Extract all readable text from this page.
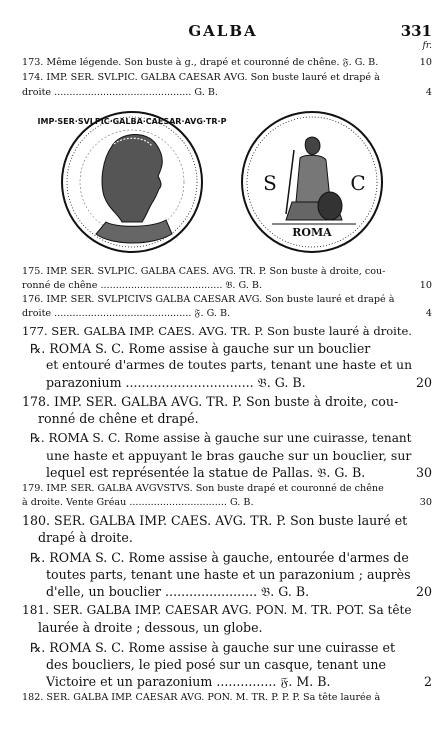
GALBA	331
fr.
173. Même légende. Son buste à g., drapé et couronné de chêne. 𝔉. G. B.	10
174. IMP. SER. SVLPIC. GALBA CAESAR AVG. Son buste lauré et drapé à
droite ............................................. G. B.	4
IMP·SER·SVLPIC·GALBA·CAESAR·AVG·TR·P
S	C
ROMA
175. IMP. SER. SVLPIC. GALBA CAES. AVG. TR. P. Son buste à droite, cou-
ronné de chêne ........................................ 𝔅. G. B.	10
176. IMP. SER. SVLPICIVS GALBA CAESAR AVG. Son buste lauré et drapé à
droite ............................................. 𝔉. G. B.	4
177. SER. GALBA IMP. CAES. AVG. TR. P. Son buste lauré à droite.
℞. ROMA S. C. Rome assise à gauche sur un bouclier
et entouré d'armes de toutes parts, tenant une haste et un
parazonium ................................ 𝔅. G. B.	20
178. IMP. SER. GALBA AVG. TR. P. Son buste à droite, cou-
ronné de chêne et drapé.
℞. ROMA S. C. Rome assise à gauche sur une cuirasse, tenant
une haste et appuyant le bras gauche sur un bouclier, sur
lequel est représentée la statue de Pallas. 𝔅. G. B.	30
179. IMP. SER. GALBA AVGVSTVS. Son buste drapé et couronné de chêne
à droite. Vente Gréau ................................ G. B.	30
180. SER. GALBA IMP. CAES. AVG. TR. P. Son buste lauré et
drapé à droite.
℞. ROMA S. C. Rome assise à gauche, entourée d'armes de
toutes parts, tenant une haste et un parazonium ; auprès
d'elle, un bouclier ....................... 𝔅. G. B.	20
181. SER. GALBA IMP. CAESAR AVG. PON. M. TR. POT. Sa tête
laurée à droite ; dessous, un globe.
℞. ROMA S. C. Rome assise à gauche sur une cuirasse et
des boucliers, le pied posé sur un casque, tenant une
Victoire et un parazonium ............... 𝔉. M. B.	2
182. SER. GALBA IMP. CAESAR AVG. PON. M. TR. P. P. P. Sa tête laurée à
